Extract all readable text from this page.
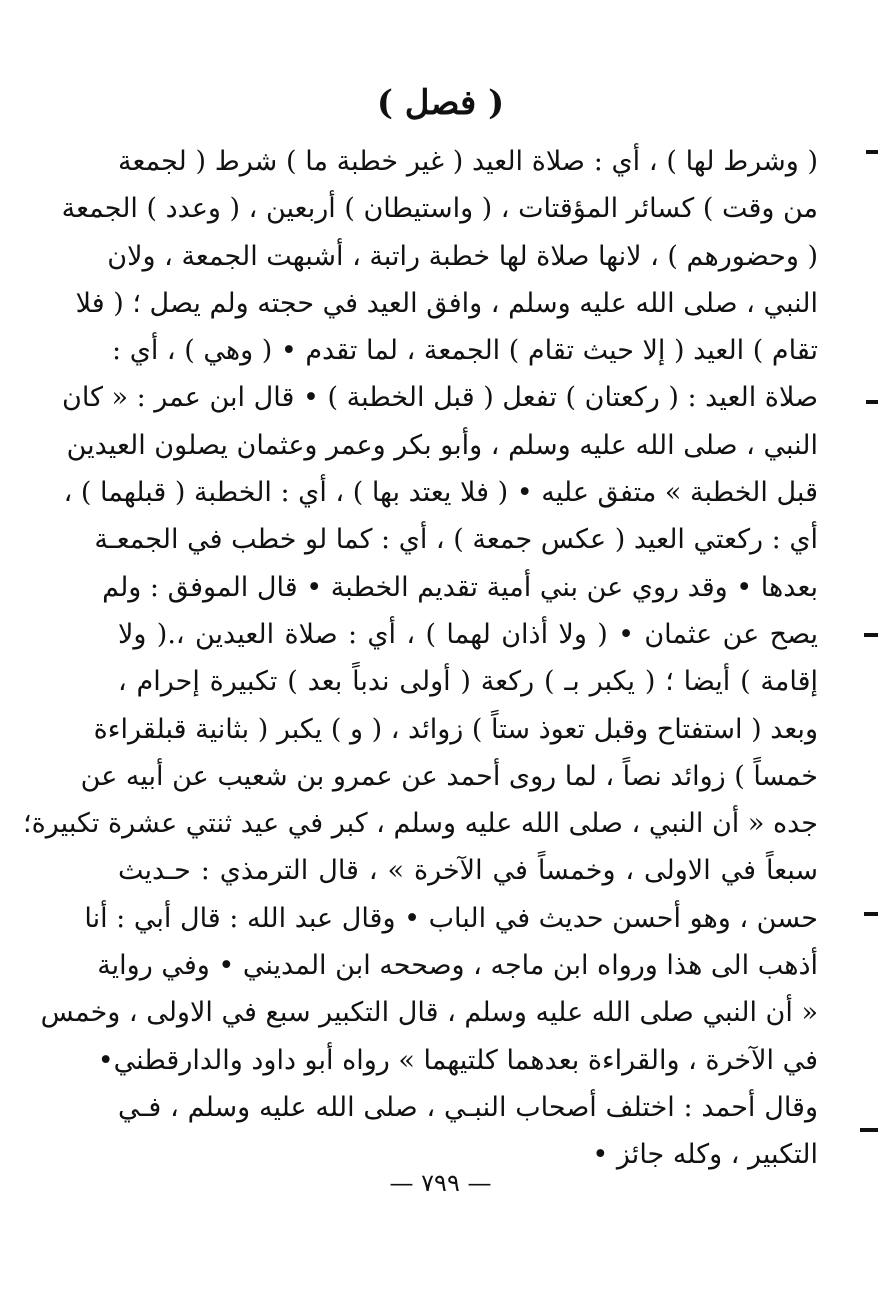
( فصل )
( وشرط لها ) ، أي : صلاة العيد ( غير خطبة ما ) شرط ( لجمعة
من وقت ) كسائر المؤقتات ، ( واستيطان ) أربعين ، ( وعدد ) الجمعة
( وحضورهم ) ، لانها صلاة لها خطبة راتبة ، أشبهت الجمعة ، ولان
النبي ، صلى الله عليه وسلم ، وافق العيد في حجته ولم يصل ؛ ( فلا
تقام ) العيد ( إلا حيث تقام ) الجمعة ، لما تقدم • ( وهي ) ، أي :
صلاة العيد : ( ركعتان ) تفعل ( قبل الخطبة ) • قال ابن عمر : « كان
النبي ، صلى الله عليه وسلم ، وأبو بكر وعمر وعثمان يصلون العيدين
قبل الخطبة » متفق عليه • ( فلا يعتد بها ) ، أي : الخطبة ( قبلهما ) ،
أي : ركعتي العيد ( عكس جمعة ) ، أي : كما لو خطب في الجمعـة
بعدها • وقد روي عن بني أمية تقديم الخطبة • قال الموفق : ولم
يصح عن عثمان • ( ولا أذان لهما ) ، أي : صلاة العيدين ،.( ولا
إقامة ) أيضا ؛ ( يكبر بـ ) ركعة ( أولى ندباً بعد ) تكبيرة إحرام ،
وبعد ( استفتاح وقبل تعوذ ستاً ) زوائد ، ( و ) يكبر ( بثانية قبلقراءة
خمساً ) زوائد نصاً ، لما روى أحمد عن عمرو بن شعيب عن أبيه عن
جده « أن النبي ، صلى الله عليه وسلم ، كبر في عيد ثنتي عشرة تكبيرة؛
سبعاً في الاولى ، وخمساً في الآخرة » ، قال الترمذي : حـديث
حسن ، وهو أحسن حديث في الباب • وقال عبد الله : قال أبي : أنا
أذهب الى هذا ورواه ابن ماجه ، وصححه ابن المديني • وفي رواية
« أن النبي صلى الله عليه وسلم ، قال التكبير سبع في الاولى ، وخمس
في الآخرة ، والقراءة بعدهما كلتيهما » رواه أبو داود والدارقطني•
وقال أحمد : اختلف أصحاب النبـي ، صلى الله عليه وسلم ، فـي
التكبير ، وكله جائز •
— ٧٩٩ —
